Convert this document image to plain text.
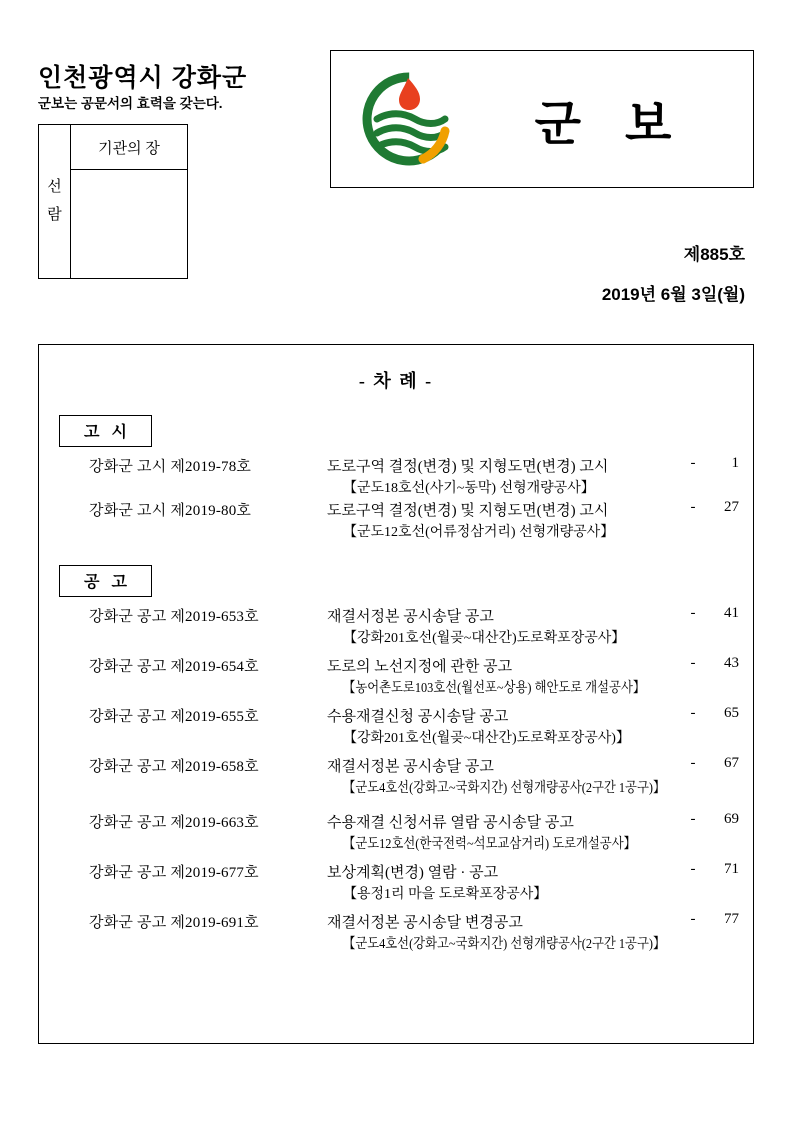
인천광역시 강화군
군보는 공문서의 효력을 갖는다.
선
람
기관의 장	군보
제885호
2019년 6월 3일(월)
- 차 례 -
고시
강화군 고시 제2019-78호	도로구역 결정(변경) 및 지형도면(변경) 고시
【군도18호선(사기~동막) 선형개량공사】
-	1
강화군 고시 제2019-80호	도로구역 결정(변경) 및 지형도면(변경) 고시
【군도12호선(어류정삼거리) 선형개량공사】
-	27
공고
강화군 공고 제2019-653호	재결서정본 공시송달 공고
【강화201호선(월곶~대산간)도로확포장공사】
-	41
강화군 공고 제2019-654호	도로의 노선지정에 관한 공고
【농어촌도로103호선(월선포~상용) 해안도로 개설공사】
-	43
강화군 공고 제2019-655호	수용재결신청 공시송달 공고
【강화201호선(월곶~대산간)도로확포장공사)】
-	65
강화군 공고 제2019-658호	재결서정본 공시송달 공고
【군도4호선(강화고~국화지간) 선형개량공사(2구간 1공구)】
-	67
강화군 공고 제2019-663호	수용재결 신청서류 열람 공시송달 공고
【군도12호선(한국전력~석모교삼거리) 도로개설공사】
-	69
강화군 공고 제2019-677호	보상계획(변경) 열람 · 공고
【용정1리 마을 도로확포장공사】
-	71
강화군 공고 제2019-691호	재결서정본 공시송달 변경공고
【군도4호선(강화고~국화지간) 선형개량공사(2구간 1공구)】
-	77
